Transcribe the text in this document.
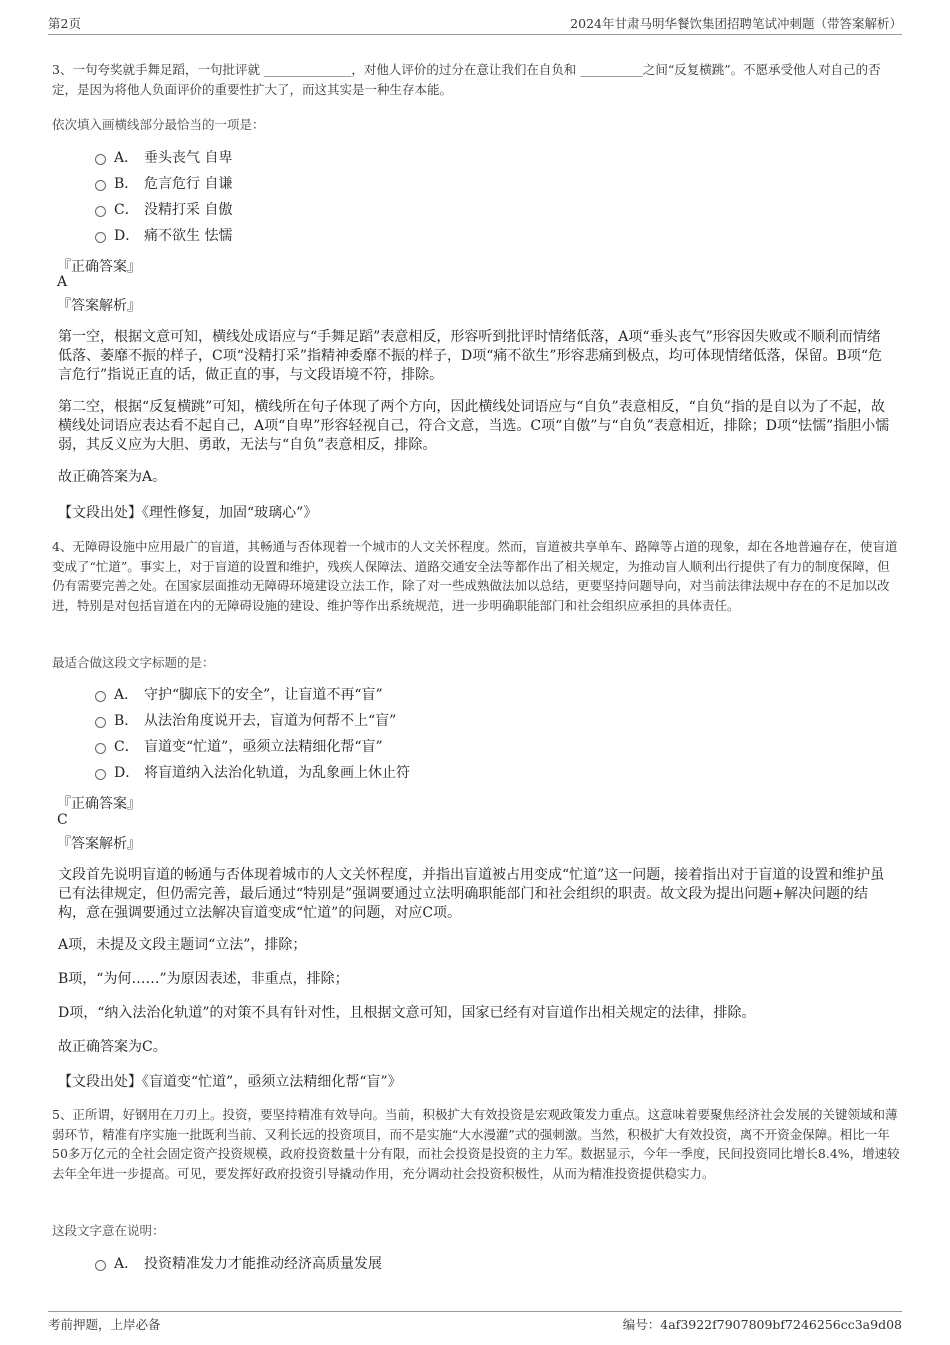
第2页	2024年甘肃马明华餐饮集团招聘笔试冲刺题（带答案解析）

3、一句夸奖就手舞足蹈，一句批评就 ______________，对他人评价的过分在意让我们在自负和 __________之间“反复横跳”。不愿承受他人对自己的否定，是因为将他人负面评价的重要性扩大了，而这其实是一种生存本能。

依次填入画横线部分最恰当的一项是：

A． 垂头丧气 自卑
B． 危言危行 自谦
C． 没精打采 自傲
D． 痛不欲生 怯懦

『正确答案』

A

『答案解析』

第一空，根据文意可知，横线处成语应与“手舞足蹈”表意相反，形容听到批评时情绪低落，A项“垂头丧气”形容因失败或不顺利而情绪低落、萎靡不振的样子，C项“没精打采”指精神委靡不振的样子，D项“痛不欲生”形容悲痛到极点，均可体现情绪低落，保留。B项“危言危行”指说正直的话，做正直的事，与文段语境不符，排除。

第二空，根据“反复横跳”可知，横线所在句子体现了两个方向，因此横线处词语应与“自负”表意相反，“自负”指的是自以为了不起，故横线处词语应表达看不起自己，A项“自卑”形容轻视自己，符合文意，当选。C项“自傲”与“自负”表意相近，排除；D项“怯懦”指胆小懦弱，其反义应为大胆、勇敢，无法与“自负”表意相反，排除。

故正确答案为A。

【文段出处】《理性修复，加固“玻璃心”》

4、无障碍设施中应用最广的盲道，其畅通与否体现着一个城市的人文关怀程度。然而，盲道被共享单车、路障等占道的现象，却在各地普遍存在，使盲道变成了“忙道”。事实上，对于盲道的设置和维护，残疾人保障法、道路交通安全法等都作出了相关规定，为推动盲人顺利出行提供了有力的制度保障，但仍有需要完善之处。在国家层面推动无障碍环境建设立法工作，除了对一些成熟做法加以总结，更要坚持问题导向，对当前法律法规中存在的不足加以改进，特别是对包括盲道在内的无障碍设施的建设、维护等作出系统规范，进一步明确职能部门和社会组织应承担的具体责任。

最适合做这段文字标题的是：

A． 守护“脚底下的安全”，让盲道不再“盲”
B． 从法治角度说开去，盲道为何帮不上“盲”
C． 盲道变“忙道”，亟须立法精细化帮“盲”
D． 将盲道纳入法治化轨道，为乱象画上休止符

『正确答案』

C

『答案解析』

文段首先说明盲道的畅通与否体现着城市的人文关怀程度，并指出盲道被占用变成“忙道”这一问题，接着指出对于盲道的设置和维护虽已有法律规定，但仍需完善，最后通过“特别是”强调要通过立法明确职能部门和社会组织的职责。故文段为提出问题+解决问题的结构，意在强调要通过立法解决盲道变成“忙道”的问题，对应C项。

A项，未提及文段主题词“立法”，排除；

B项，“为何……”为原因表述，非重点，排除；

D项，“纳入法治化轨道”的对策不具有针对性，且根据文意可知，国家已经有对盲道作出相关规定的法律，排除。

故正确答案为C。

【文段出处】《盲道变“忙道”，亟须立法精细化帮“盲”》

5、正所谓，好钢用在刀刃上。投资，要坚持精准有效导向。当前，积极扩大有效投资是宏观政策发力重点。这意味着要聚焦经济社会发展的关键领域和薄弱环节，精准有序实施一批既利当前、又利长远的投资项目，而不是实施“大水漫灌”式的强刺激。当然，积极扩大有效投资，离不开资金保障。相比一年50多万亿元的全社会固定资产投资规模，政府投资数量十分有限，而社会投资是投资的主力军。数据显示，今年一季度，民间投资同比增长8.4%，增速较去年全年进一步提高。可见，要发挥好政府投资引导撬动作用，充分调动社会投资积极性，从而为精准投资提供稳实力。

这段文字意在说明：

A． 投资精准发力才能推动经济高质量发展
考前押题，上岸必备	编号：4af3922f7907809bf7246256cc3a9d08
